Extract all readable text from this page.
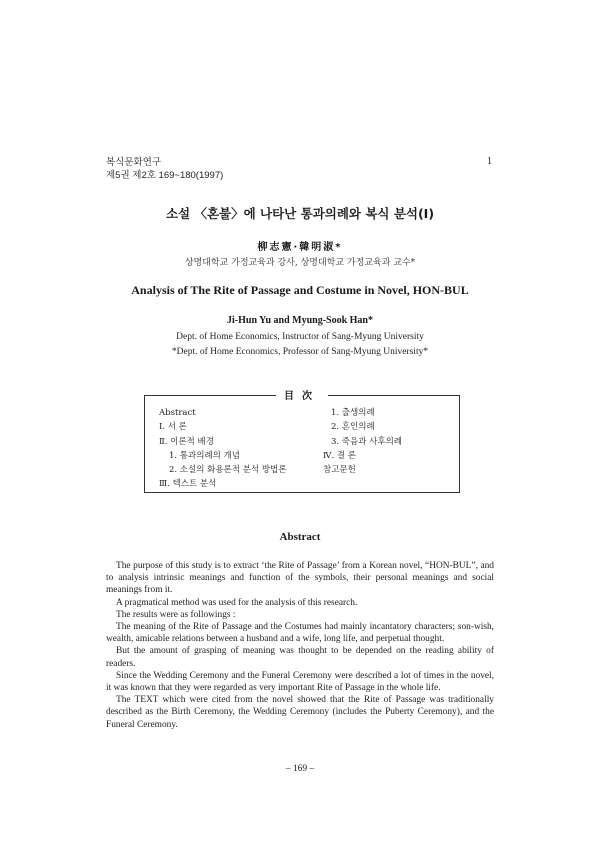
복식문화연구
제5권 제2호 169~180(1997)
1
소설 〈혼불〉에 나타난 통과의례와 복식 분석(I)
柳志憲·韓明淑*
상명대학교 가정교육과 강사, 상명대학교 가정교육과 교수*
Analysis of The Rite of Passage and Costume in Novel, HON-BUL
Ji-Hun Yu and Myung-Sook Han*
Dept. of Home Economics, Instructor of Sang-Myung University
*Dept. of Home Economics, Professor of Sang-Myung University*
目次
Abstract
Ⅰ. 서 론
Ⅱ. 이론적 배경
1. 통과의례의 개념
2. 소설의 화용론적 분석 방법론
Ⅲ. 텍스트 분석
1. 출생의례
2. 혼인의례
3. 죽음과 사후의례
Ⅳ. 결 론
참고문헌
Abstract

The purpose of this study is to extract ‘the Rite of Passage’ from a Korean novel, “HON-BUL”, and to analysis intrinsic meanings and function of the symbols, their personal meanings and social meanings from it.

A pragmatical method was used for the analysis of this research.

The results were as followings :

The meaning of the Rite of Passage and the Costumes had mainly incantatory characters; son-wish, wealth, amicable relations between a husband and a wife, long life, and perpetual thought.

But the amount of grasping of meaning was thought to be depended on the reading ability of readers.

Since the Wedding Ceremony and the Funeral Ceremony were described a lot of times in the novel, it was known that they were regarded as very important Rite of Passage in the whole life.

The TEXT which were cited from the novel showed that the Rite of Passage was traditionally described as the Birth Ceremony, the Wedding Ceremony (includes the Puberty Ceremony), and the Funeral Ceremony.

– 169 –
